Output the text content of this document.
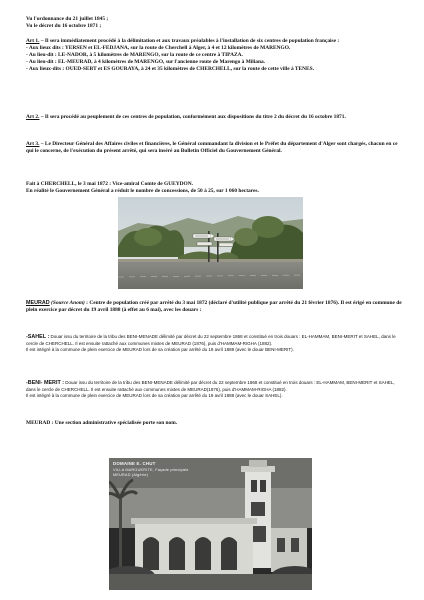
Vu l'ordonnance du 21 juillet 1845 ;

Vu le décret du 16 octobre 1871 ;

Art 1. – Il sera immédiatement procédé à la délimitation et aux travaux préalables à l'installation de six centres de population française :

- Aux lieux dits : YERSEN et EL-FEDJANA, sur la route de Cherchell à Alger, à 4 et 12 kilomètres de MARENGO.

- Au lieu-dit : LE-NADOR, à 5 kilomètres de MARENGO, sur la route de ce centre à TIPAZA.

- Au lieu-dit : EL-MEURAD, à 4 kilomètres de MARENGO, sur l'ancienne route de Marengo à Miliana.

- Aux lieux-dits : OUED-SEBT et ES GOURAYA, à 24 et 35 kilomètres de CHERCHELL, sur la route de cette ville à TENES.

Art 2. – Il sera procédé au peuplement de ces centres de population, conformément aux dispositions du titre 2 du décret du 16 octobre 1871.

Art 3. – Le Directeur Général des Affaires civiles et financières, le Général commandant la division et le Préfet du département d'Alger sont chargés, chacun en ce qui le concerne, de l'exécution du présent arrêté, qui sera inséré au Bulletin Officiel du Gouvernement Général.

Fait à CHERCHELL, le 3 mai 1872 : Vice-amiral Comte de GUEYDON.

En réalité le Gouvernement Général a réduit le nombre de concessions, de 50 à 25, sur 1 060 hectares.

MEURAD (Source Anom) : Centre de population créé par arrêté du 3 mai 1872 (déclaré d'utilité publique par arrêté du 21 février 1876). Il est érigé en commune de plein exercice par décret du 19 avril 1888 (à effet au 6 mai), avec les douars :

-SAHEL : Douar issu du territoire de la tribu des BENI-MENADE délimité par décret du 22 septembre 1868 et constitué en trois douars : EL-HAMMAM, BENI-MERIT et SAHEL, dans le cercle de CHERCHELL. Il est ensuite rattaché aux communes mixtes de MEURAD (1876), puis d'HAMMAM-RIGHA (1882).

Il est intégré à la commune de plein exercice de MEURAD lors de sa création par arrêté du 19 avril 1888 (avec le douar BENI-MERIT).

-BENI- MERIT : Douar issu du territoire de la tribu des BENI-MENADE délimité par décret du 22 septembre 1868 et constitué en trois douars : EL-HAMMAM, BENI-MERIT et SAHEL, dans le cercle de CHERCHELL. Il est ensuite rattaché aux communes mixtes de MEURAD(1876), puis d'HAMMAM-RIGHA (1882).

Il est intégré à la commune de plein exercice de MEURAD lors de sa création par arrêté du 19 avril 1888 (avec le douar SAHEL).

MEURAD : Une section administrative spécialisée porte son nom.

DOMAINE E. CHUT
VILLA MARGUERITE, Façade principale
MEURAD (Algérie)
